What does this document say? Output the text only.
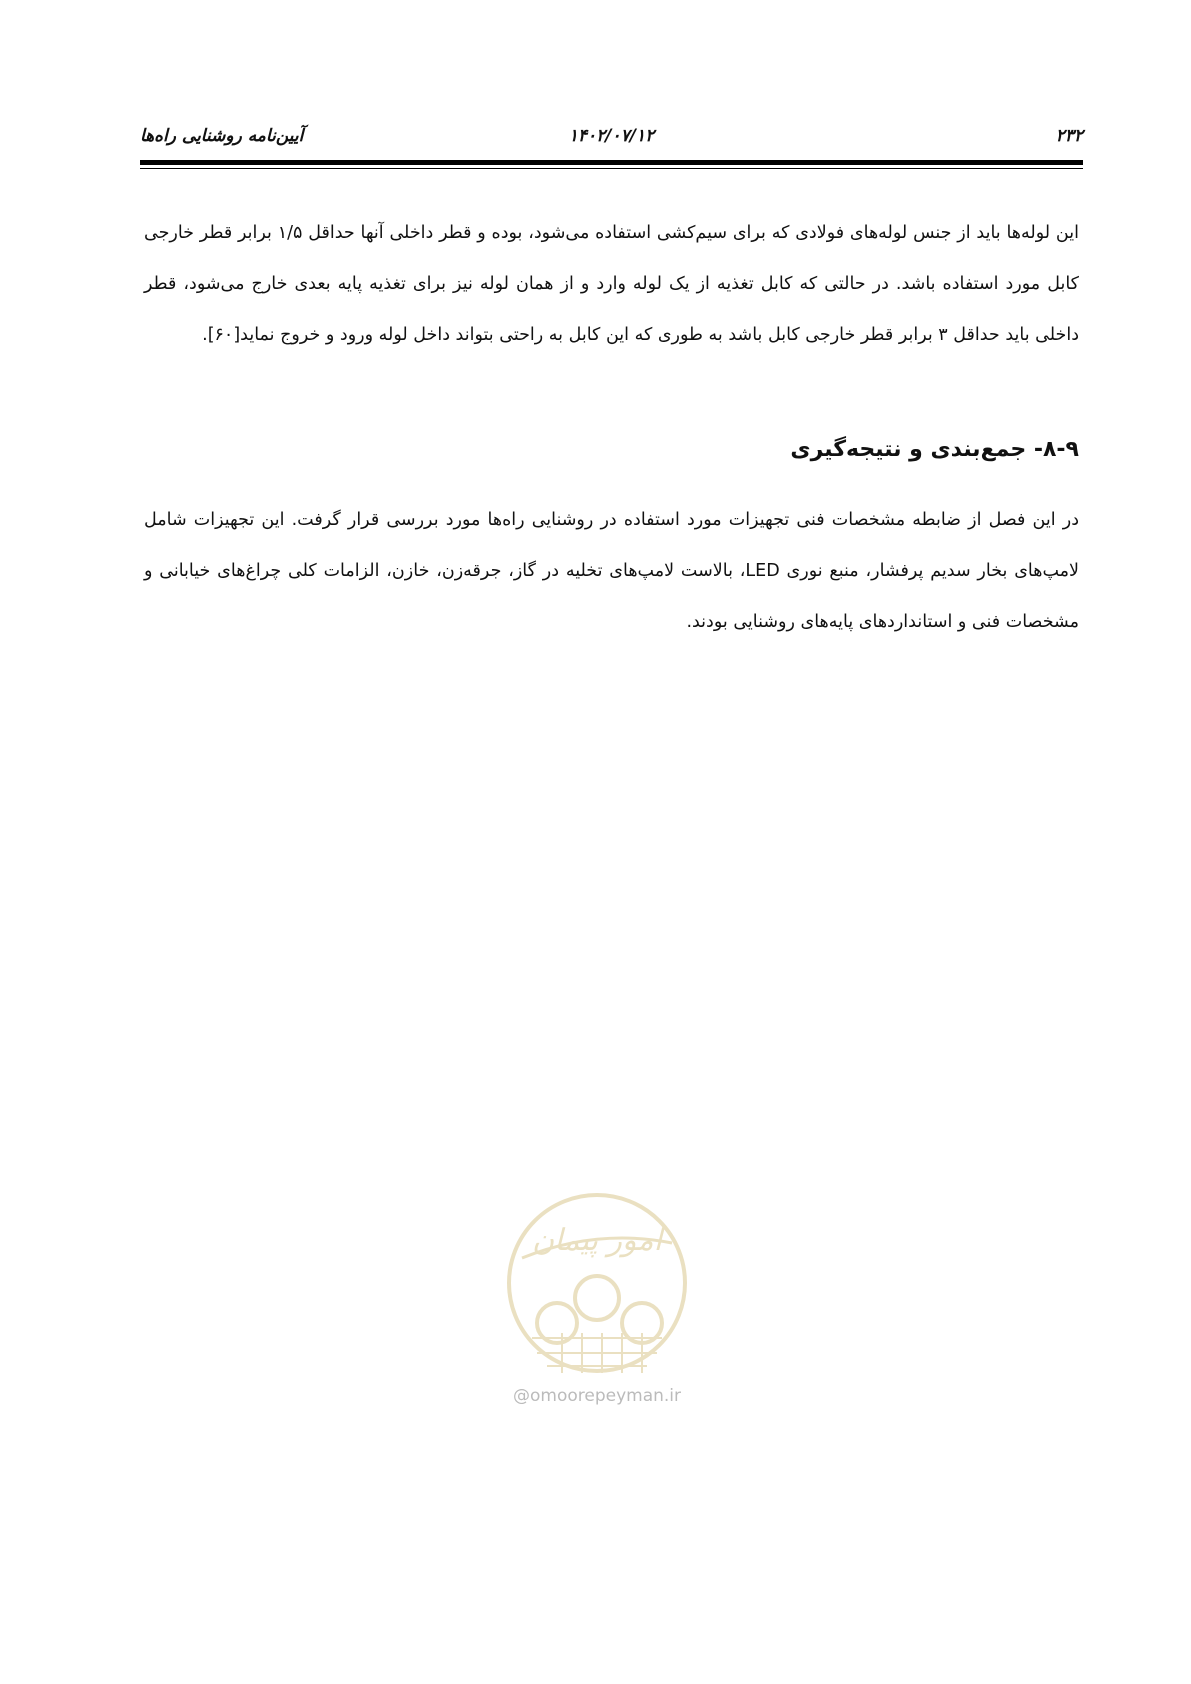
آیین‌نامه روشنایی راه‌ها	۱۴۰۲/۰۷/۱۲	۲۳۲

این لوله‌ها باید از جنس لوله‌های فولادی که برای سیم‌کشی استفاده می‌شود، بوده و قطر داخلی آنها حداقل ۱/۵ برابر قطر خارجی کابل مورد استفاده باشد. در حالتی که کابل تغذیه از یک لوله وارد و از همان لوله نیز برای تغذیه پایه بعدی خارج می‌شود، قطر داخلی باید حداقل ۳ برابر قطر خارجی کابل باشد به طوری که این کابل به راحتی بتواند داخل لوله ورود و خروج نماید[۶۰].

۸-۹- جمع‌بندی و نتیجه‌گیری

در این فصل از ضابطه مشخصات فنی تجهیزات مورد استفاده در روشنایی راه‌ها مورد بررسی قرار گرفت. این تجهیزات شامل لامپ‌های بخار سدیم پرفشار، منبع نوری LED، بالاست لامپ‌های تخلیه در گاز، جرقه‌زن، خازن، الزامات کلی چراغ‌های خیابانی و مشخصات فنی و استانداردهای پایه‌های روشنایی بودند.

امور پیمان
@omoorepeyman.ir
